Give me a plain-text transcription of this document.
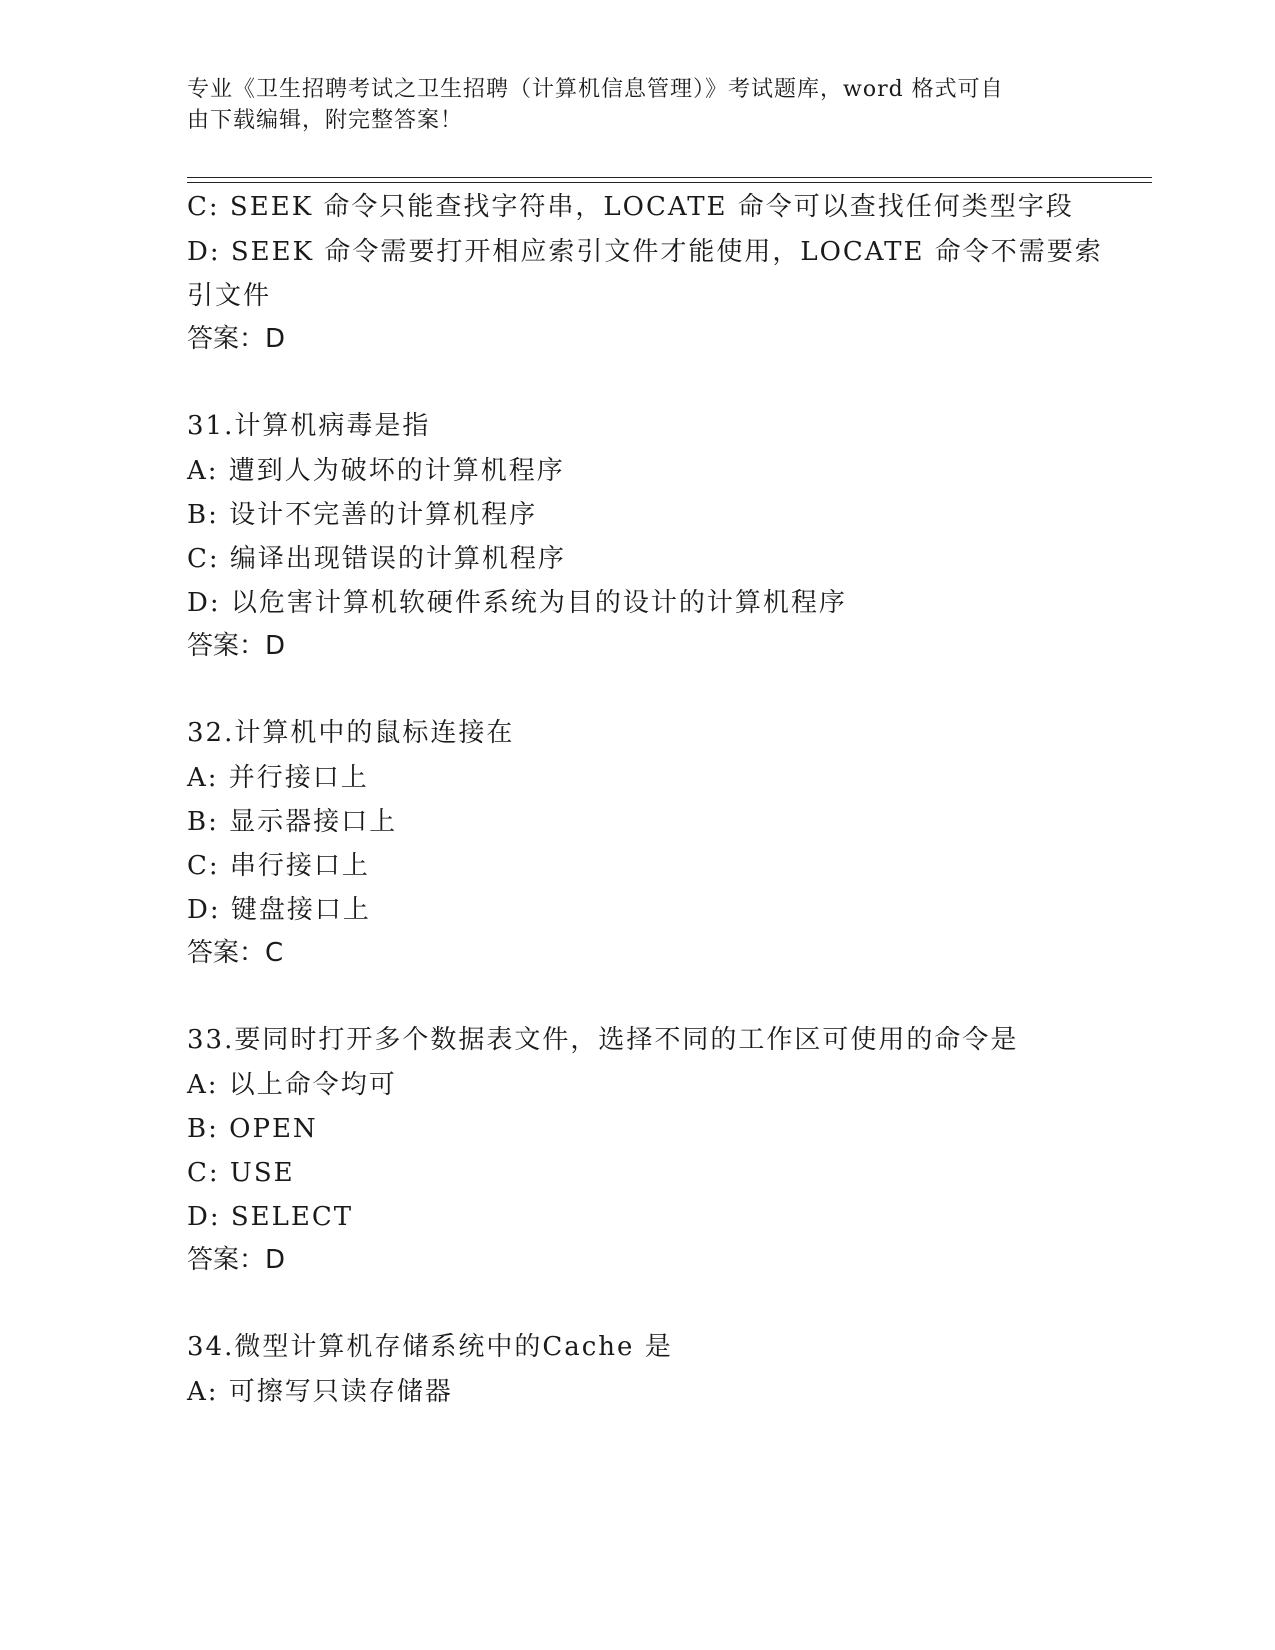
专业《卫生招聘考试之卫生招聘（计算机信息管理）》考试题库，word 格式可自
由下载编辑，附完整答案！
C: SEEK 命令只能查找字符串，LOCATE 命令可以查找任何类型字段
D: SEEK 命令需要打开相应索引文件才能使用，LOCATE 命令不需要索
引文件
答案：D
31.计算机病毒是指
A: 遭到人为破坏的计算机程序
B: 设计不完善的计算机程序
C: 编译出现错误的计算机程序
D: 以危害计算机软硬件系统为目的设计的计算机程序
答案：D
32.计算机中的鼠标连接在
A: 并行接口上
B: 显示器接口上
C: 串行接口上
D: 键盘接口上
答案：C
33.要同时打开多个数据表文件，选择不同的工作区可使用的命令是
A: 以上命令均可
B: OPEN
C: USE
D: SELECT
答案：D
34.微型计算机存储系统中的Cache 是
A: 可擦写只读存储器
